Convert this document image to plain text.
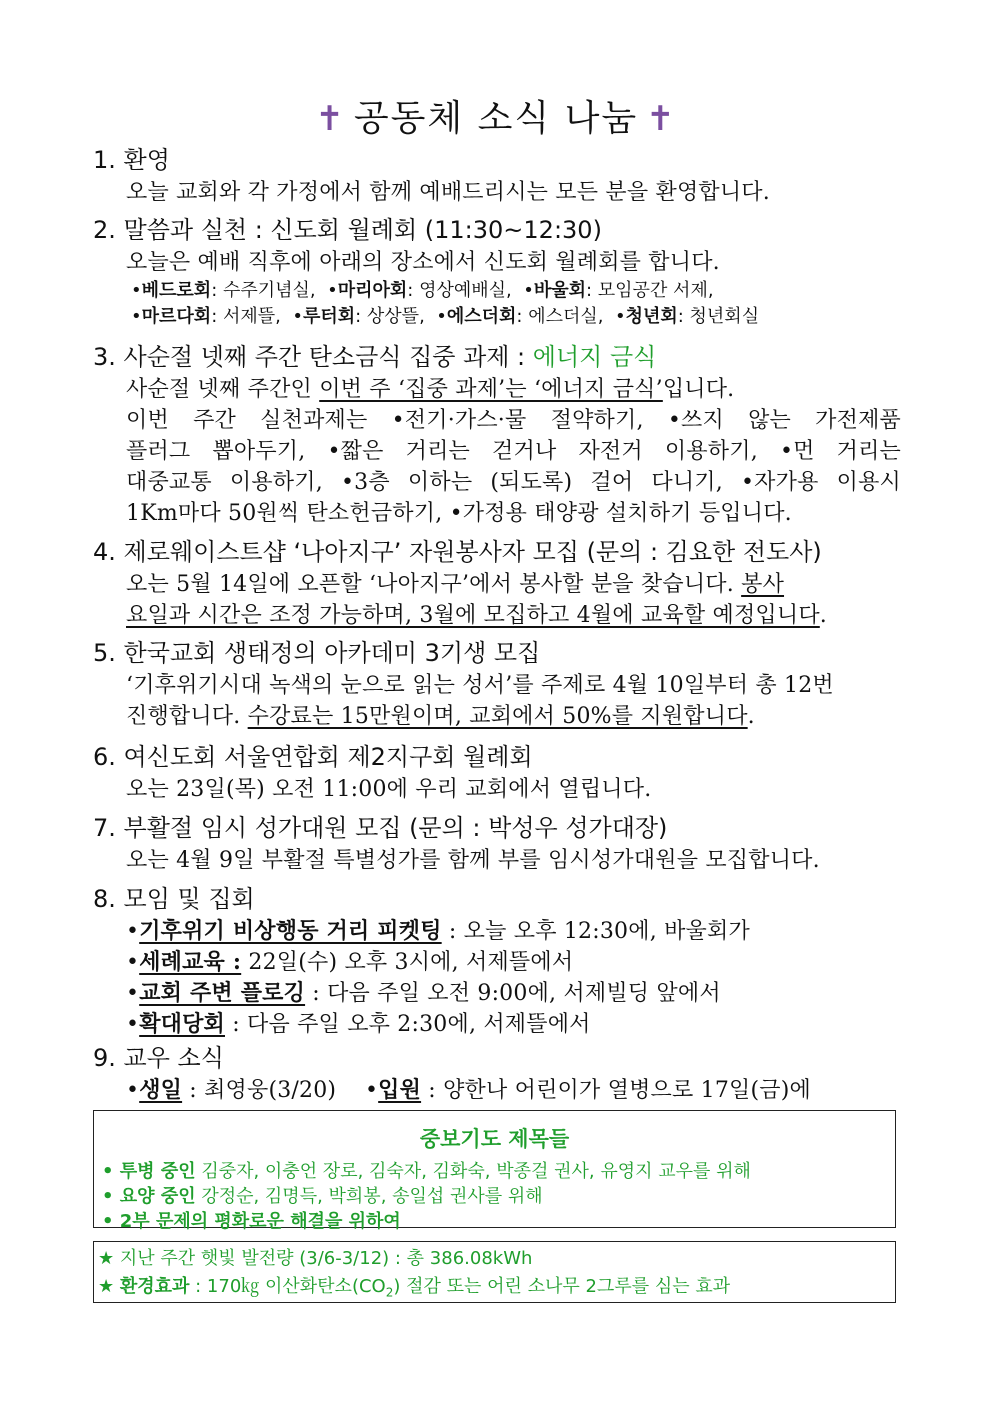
✝ 공동체 소식 나눔 ✝
1. 환영
오늘 교회와 각 가정에서 함께 예배드리시는 모든 분을 환영합니다.
2. 말씀과 실천 : 신도회 월례회 (11:30~12:30)
오늘은 예배 직후에 아래의 장소에서 신도회 월례회를 합니다.
•베드로회: 수주기념실,  •마리아회: 영상예배실,  •바울회: 모임공간 서제,
•마르다회: 서제뜰,  •루터회: 상상뜰,  •에스더회: 에스더실,  •청년회: 청년회실
3. 사순절 넷째 주간 탄소금식 집중 과제 : 에너지 금식
사순절 넷째 주간인 이번 주 ‘집중 과제’는 ‘에너지 금식’입니다.
이번 주간 실천과제는 •전기·가스·물 절약하기, •쓰지 않는 가전제품
플러그 뽑아두기, •짧은 거리는 걷거나 자전거 이용하기, •먼 거리는
대중교통 이용하기, •3층 이하는 (되도록) 걸어 다니기, •자가용 이용시
1Km마다 50원씩 탄소헌금하기, •가정용 태양광 설치하기 등입니다.
4. 제로웨이스트샵 ‘나아지구’ 자원봉사자 모집 (문의 : 김요한 전도사)
오는 5월 14일에 오픈할 ‘나아지구’에서 봉사할 분을 찾습니다. 봉사
요일과 시간은 조정 가능하며, 3월에 모집하고 4월에 교육할 예정입니다.
5. 한국교회 생태정의 아카데미 3기생 모집
‘기후위기시대 녹색의 눈으로 읽는 성서’를 주제로 4월 10일부터 총 12번
진행합니다. 수강료는 15만원이며, 교회에서 50%를 지원합니다.
6. 여신도회 서울연합회 제2지구회 월례회
오는 23일(목) 오전 11:00에 우리 교회에서 열립니다.
7. 부활절 임시 성가대원 모집 (문의 : 박성우 성가대장)
오는 4월 9일 부활절 특별성가를 함께 부를 임시성가대원을 모집합니다.
8. 모임 및 집회
•기후위기 비상행동 거리 피켓팅 : 오늘 오후 12:30에, 바울회가
•세례교육 : 22일(수) 오후 3시에, 서제뜰에서
•교회 주변 플로깅 : 다음 주일 오전 9:00에, 서제빌딩 앞에서
•확대당회 : 다음 주일 오후 2:30에, 서제뜰에서
9. 교우 소식
•생일 : 최영웅(3/20)    •입원 : 양한나 어린이가 열병으로 17일(금)에
중보기도 제목들
• 투병 중인 김중자, 이충언 장로, 김숙자, 김화숙, 박종걸 권사, 유영지 교우를 위해
• 요양 중인 강정순, 김명득, 박희봉, 송일섭 권사를 위해
• 2부 문제의 평화로운 해결을 위하여
★ 지난 주간 햇빛 발전량 (3/6-3/12) : 총 386.08kWh
★ 환경효과 : 170㎏ 이산화탄소$(CO_2)$ 절감 또는 어린 소나무 2그루를 심는 효과
